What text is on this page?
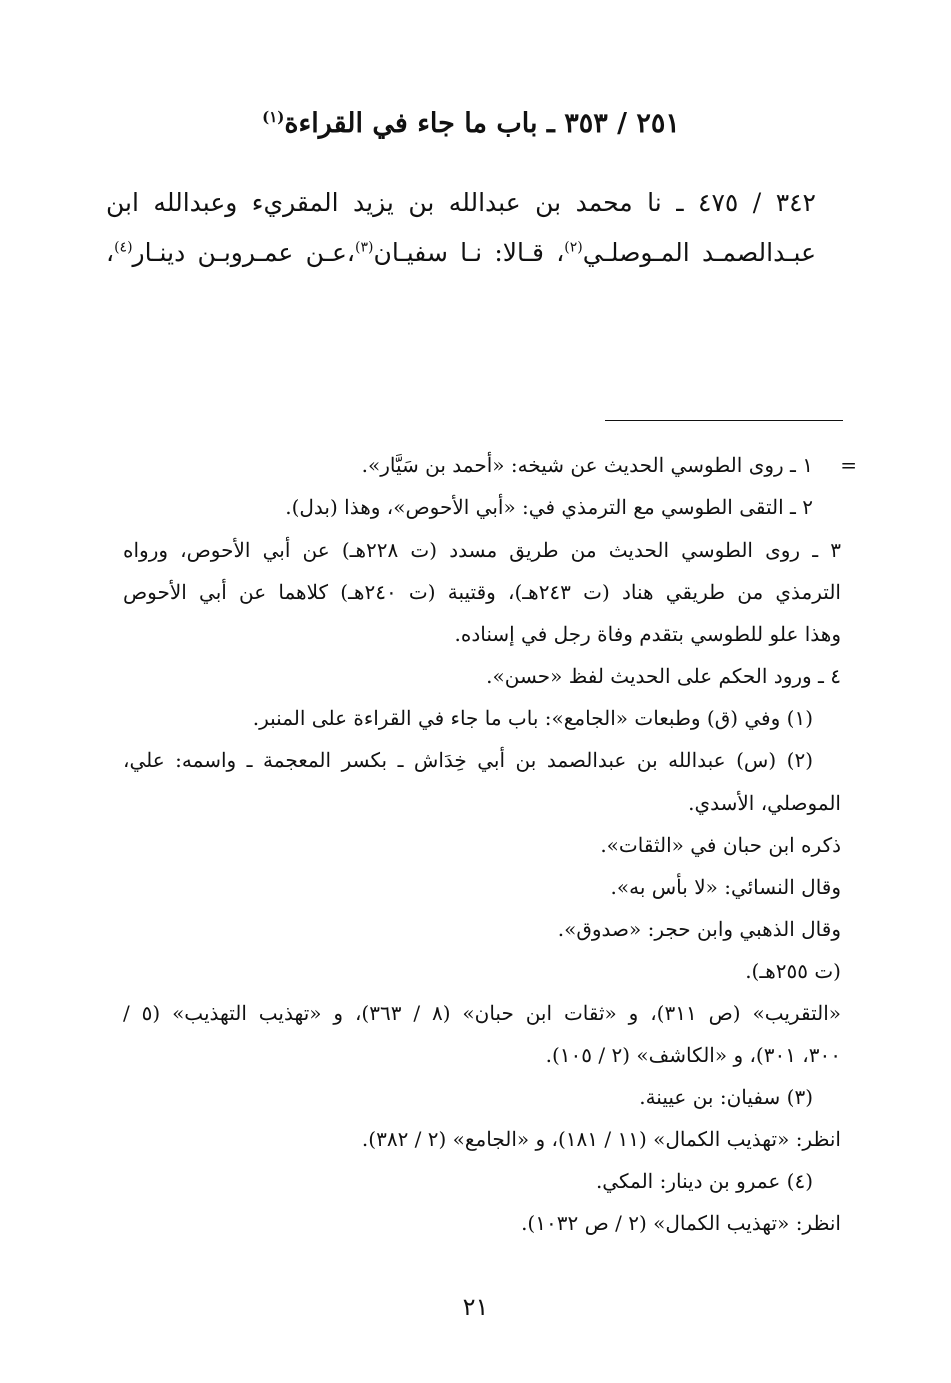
٢٥١ / ٣٥٣ ـ باب ما جاء في القراءة$^{(١)}$
٣٤٢ / ٤٧٥ ـ نا محمد بن عبدالله بن يزيد المقريء وعبدالله ابن
عبـدالصمـد المـوصلـي$^{(٢)}$، قـالا: نـا سفيـان$^{(٣)}$،عـن عمـروبـن دينـار$^{(٤)}$،
=
١ ـ روى الطوسي الحديث عن شيخه: «أحمد بن سَيَّار».
٢ ـ التقى الطوسي مع الترمذي في: «أبي الأحوص»، وهذا (بدل).
٣ ـ روى الطوسي الحديث من طريق مسدد (ت ٢٢٨هـ) عن أبي الأحوص، ورواه
الترمذي من طريقي هناد (ت ٢٤٣هـ)، وقتيبة (ت ٢٤٠هـ) كلاهما عن أبي الأحوص
وهذا علو للطوسي بتقدم وفاة رجل في إسناده.
٤ ـ ورود الحكم على الحديث لفظ «حسن».
(١) وفي (ق) وطبعات «الجامع»: باب ما جاء في القراءة على المنبر.
(٢) (س) عبدالله بن عبدالصمد بن أبي خِدَاش ـ بكسر المعجمة ـ واسمه: علي،
الموصلي، الأسدي.
ذكره ابن حبان في «الثقات».
وقال النسائي: «لا بأس به».
وقال الذهبي وابن حجر: «صدوق».
(ت ٢٥٥هـ).
«التقريب» (ص ٣١١)، و «ثقات ابن حبان» (٨ / ٣٦٣)، و «تهذيب التهذيب» (٥ /
٣٠٠، ٣٠١)، و «الكاشف» (٢ / ١٠٥).
(٣) سفيان: بن عيينة.
انظر: «تهذيب الكمال» (١١ / ١٨١)، و «الجامع» (٢ / ٣٨٢).
(٤) عمرو بن دينار: المكي.
انظر: «تهذيب الكمال» (٢ / ص ١٠٣٢).
٢١
